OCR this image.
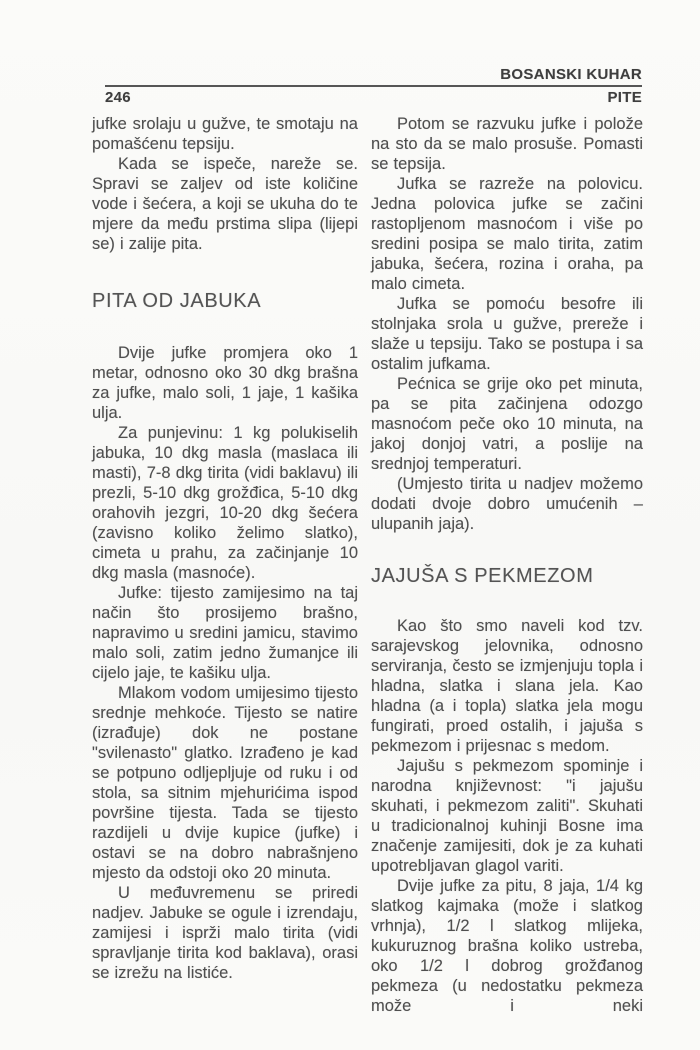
BOSANSKI KUHAR
246	PITE

jufke srolaju u gužve, te smotaju na pomašćenu tepsiju.

Kada se ispeče, nareže se. Spravi se zaljev od iste količine vode i šećera, a koji se ukuha do te mjere da među prstima slipa (lijepi se) i zalije pita.

PITA OD JABUKA

Dvije jufke promjera oko 1 metar, odnosno oko 30 dkg brašna za jufke, malo soli, 1 jaje, 1 kašika ulja.

Za punjevinu: 1 kg polukiselih jabuka, 10 dkg masla (maslaca ili masti), 7-8 dkg tirita (vidi baklavu) ili prezli, 5-10 dkg grožđica, 5-10 dkg orahovih jezgri, 10-20 dkg šećera (zavisno koliko želimo slatko), cimeta u prahu, za začinjanje 10 dkg masla (masnoće).

Jufke: tijesto zamijesimo na taj način što prosijemo brašno, napravimo u sredini jamicu, stavimo malo soli, zatim jedno žumanjce ili cijelo jaje, te kašiku ulja.

Mlakom vodom umijesimo tijesto srednje mehkoće. Tijesto se natire (izrađuje) dok ne postane "svilenasto" glatko. Izrađeno je kad se potpuno odljepljuje od ruku i od stola, sa sitnim mjehurićima ispod površine tijesta. Tada se tijesto razdijeli u dvije kupice (jufke) i ostavi se na dobro nabrašnjeno mjesto da odstoji oko 20 minuta.

U međuvremenu se priredi nadjev. Jabuke se ogule i izrendaju, zamijesi i isprži malo tirita (vidi spravljanje tirita kod baklava), orasi se izrežu na listiće.

Potom se razvuku jufke i polože na sto da se malo prosuše. Pomasti se tepsija.

Jufka se razreže na polovicu. Jedna polovica jufke se začini rastopljenom masnoćom i više po sredini posipa se malo tirita, zatim jabuka, šećera, rozina i oraha, pa malo cimeta.

Jufka se pomoću besofre ili stolnjaka srola u gužve, prereže i slaže u tepsiju. Tako se postupa i sa ostalim jufkama.

Pećnica se grije oko pet minuta, pa se pita začinjena odozgo masnoćom peče oko 10 minuta, na jakoj donjoj vatri, a poslije na srednjoj temperaturi.

(Umjesto tirita u nadjev možemo dodati dvoje dobro umućenih – ulupanih jaja).

JAJUŠA S PEKMEZOM

Kao što smo naveli kod tzv. sarajevskog jelovnika, odnosno serviranja, često se izmjenjuju topla i hladna, slatka i slana jela. Kao hladna (a i topla) slatka jela mogu fungirati, proed ostalih, i jajuša s pekmezom i prijesnac s medom.

Jajušu s pekmezom spominje i narodna književnost: "i jajušu skuhati, i pekmezom zaliti". Skuhati u tradicionalnoj kuhinji Bosne ima značenje zamijesiti, dok je za kuhati upotrebljavan glagol variti.

Dvije jufke za pitu, 8 jaja, 1/4 kg slatkog kajmaka (može i slatkog vrhnja), 1/2 l slatkog mlijeka, kukuruznog brašna koliko ustreba, oko 1/2 l dobrog grožđanog pekmeza (u nedostatku pekmeza može i neki
